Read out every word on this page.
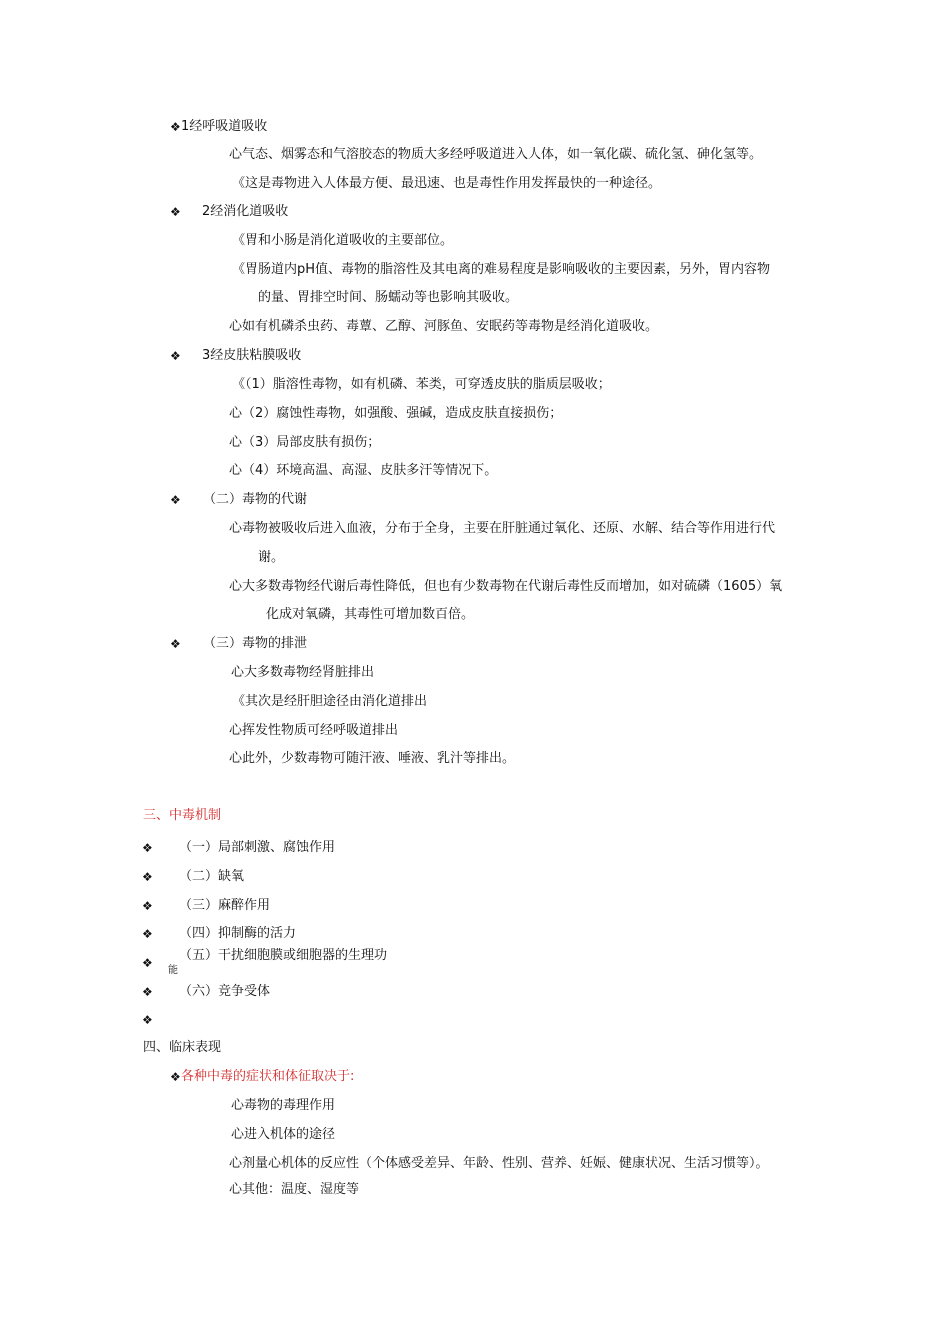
❖ 1经呼吸道吸收
心气态、烟雾态和气溶胶态的物质大多经呼吸道进入人体，如一氧化碳、硫化氢、砷化氢等。
《这是毒物进入人体最方便、最迅速、也是毒性作用发挥最快的一种途径。
❖ 2经消化道吸收
《胃和小肠是消化道吸收的主要部位。
《胃肠道内pH值、毒物的脂溶性及其电离的难易程度是影响吸收的主要因素，另外，胃内容物
的量、胃排空时间、肠蠕动等也影响其吸收。
心如有机磷杀虫药、毒蕈、乙醇、河豚鱼、安眠药等毒物是经消化道吸收。
❖ 3经皮肤粘膜吸收
《（1）脂溶性毒物，如有机磷、苯类，可穿透皮肤的脂质层吸收；
心（2）腐蚀性毒物，如强酸、强碱，造成皮肤直接损伤；
心（3）局部皮肤有损伤；
心（4）环境高温、高湿、皮肤多汗等情况下。
❖ （二）毒物的代谢
心毒物被吸收后进入血液，分布于全身，主要在肝脏通过氧化、还原、水解、结合等作用进行代
谢。
心大多数毒物经代谢后毒性降低，但也有少数毒物在代谢后毒性反而增加，如对硫磷（1605）氧
化成对氧磷，其毒性可增加数百倍。
❖ （三）毒物的排泄
心大多数毒物经肾脏排出
《其次是经肝胆途径由消化道排出
心挥发性物质可经呼吸道排出
心此外，少数毒物可随汗液、唾液、乳汁等排出。
三、中毒机制
❖ （一）局部刺激、腐蚀作用
❖ （二）缺氧
❖ （三）麻醉作用
❖ （四）抑制酶的活力
❖ （五）干扰细胞膜或细胞器的生理功
能
❖ （六）竞争受体
❖
四、临床表现
❖ 各种中毒的症状和体征取决于:
心毒物的毒理作用
心进入机体的途径
心剂量心机体的反应性（个体感受差异、年龄、性别、营养、妊娠、健康状况、生活习惯等）。
心其他：温度、湿度等
